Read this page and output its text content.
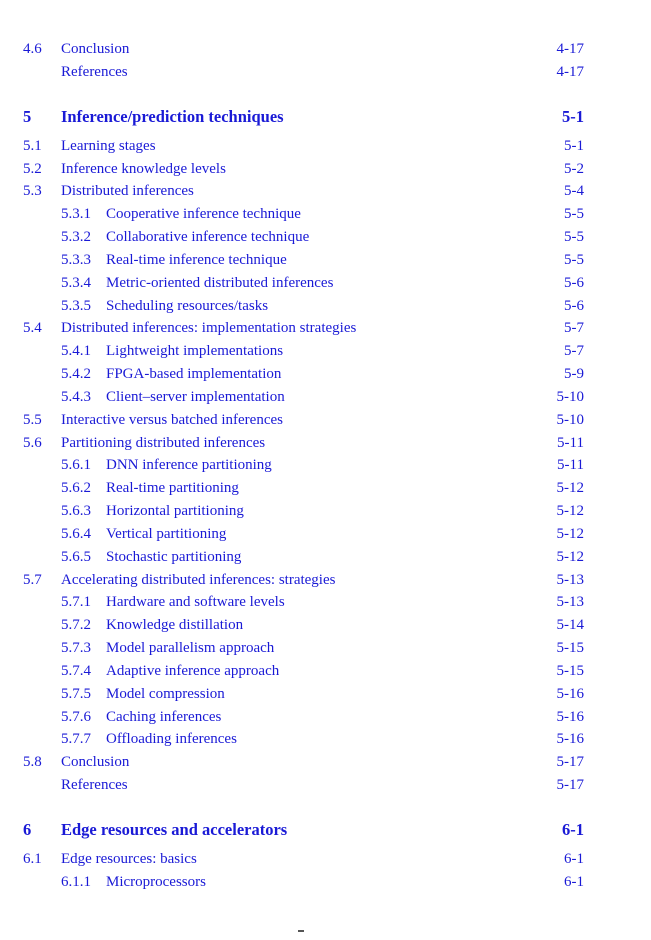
4.6 Conclusion	4-17
References	4-17
5 Inference/prediction techniques	5-1
5.1 Learning stages	5-1
5.2 Inference knowledge levels	5-2
5.3 Distributed inferences	5-4
5.3.1 Cooperative inference technique	5-5
5.3.2 Collaborative inference technique	5-5
5.3.3 Real-time inference technique	5-5
5.3.4 Metric-oriented distributed inferences	5-6
5.3.5 Scheduling resources/tasks	5-6
5.4 Distributed inferences: implementation strategies	5-7
5.4.1 Lightweight implementations	5-7
5.4.2 FPGA-based implementation	5-9
5.4.3 Client–server implementation	5-10
5.5 Interactive versus batched inferences	5-10
5.6 Partitioning distributed inferences	5-11
5.6.1 DNN inference partitioning	5-11
5.6.2 Real-time partitioning	5-12
5.6.3 Horizontal partitioning	5-12
5.6.4 Vertical partitioning	5-12
5.6.5 Stochastic partitioning	5-12
5.7 Accelerating distributed inferences: strategies	5-13
5.7.1 Hardware and software levels	5-13
5.7.2 Knowledge distillation	5-14
5.7.3 Model parallelism approach	5-15
5.7.4 Adaptive inference approach	5-15
5.7.5 Model compression	5-16
5.7.6 Caching inferences	5-16
5.7.7 Offloading inferences	5-16
5.8 Conclusion	5-17
References	5-17
6 Edge resources and accelerators	6-1
6.1 Edge resources: basics	6-1
6.1.1 Microprocessors	6-1
